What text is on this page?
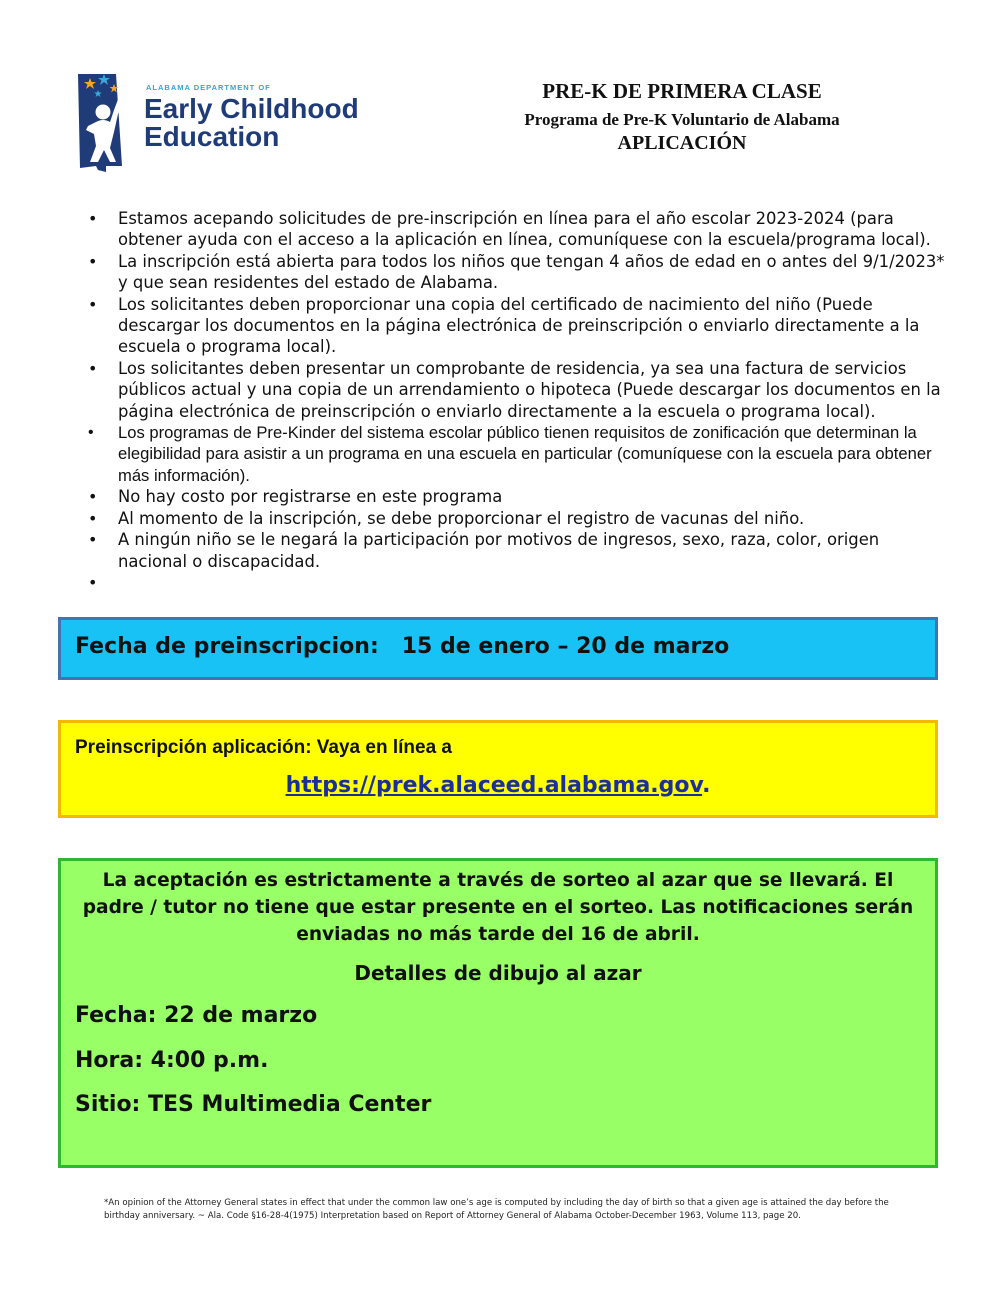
ALABAMA DEPARTMENT OF
Early Childhood
Education
PRE-K DE PRIMERA CLASE
Programa de Pre-K Voluntario de Alabama
APLICACIÓN
• Estamos acepando solicitudes de pre-inscripción en línea para el año escolar 2023-2024 (para obtener ayuda con el acceso a la aplicación en línea, comuníquese con la escuela/programa local).
• La inscripción está abierta para todos los niños que tengan 4 años de edad en o antes del 9/1/2023* y que sean residentes del estado de Alabama.
• Los solicitantes deben proporcionar una copia del certificado de nacimiento del niño (Puede descargar los documentos en la página electrónica de preinscripción o enviarlo directamente a la escuela o programa local).
• Los solicitantes deben presentar un comprobante de residencia, ya sea una factura de servicios públicos actual y una copia de un arrendamiento o hipoteca (Puede descargar los documentos en la página electrónica de preinscripción o enviarlo directamente a la escuela o programa local).
• Los programas de Pre-Kinder del sistema escolar público tienen requisitos de zonificación que determinan la elegibilidad para asistir a un programa en una escuela en particular (comuníquese con la escuela para obtener más información).
• No hay costo por registrarse en este programa
• Al momento de la inscripción, se debe proporcionar el registro de vacunas del niño.
• A ningún niño se le negará la participación por motivos de ingresos, sexo, raza, color, origen nacional o discapacidad.
•
Fecha de preinscripcion:   15 de enero – 20 de marzo
Preinscripción aplicación: Vaya en línea a
https://prek.alaceed.alabama.gov.
La aceptación es estrictamente a través de sorteo al azar que se llevará. El padre / tutor no tiene que estar presente en el sorteo. Las notificaciones serán enviadas no más tarde del 16 de abril.
Detalles de dibujo al azar
Fecha: 22 de marzo
Hora: 4:00 p.m.
Sitio: TES Multimedia Center
*An opinion of the Attorney General states in effect that under the common law one’s age is computed by including the day of birth so that a given age is attained the day before the birthday anniversary. ~ Ala. Code §16-28-4(1975) Interpretation based on Report of Attorney General of Alabama October-December 1963, Volume 113, page 20.
